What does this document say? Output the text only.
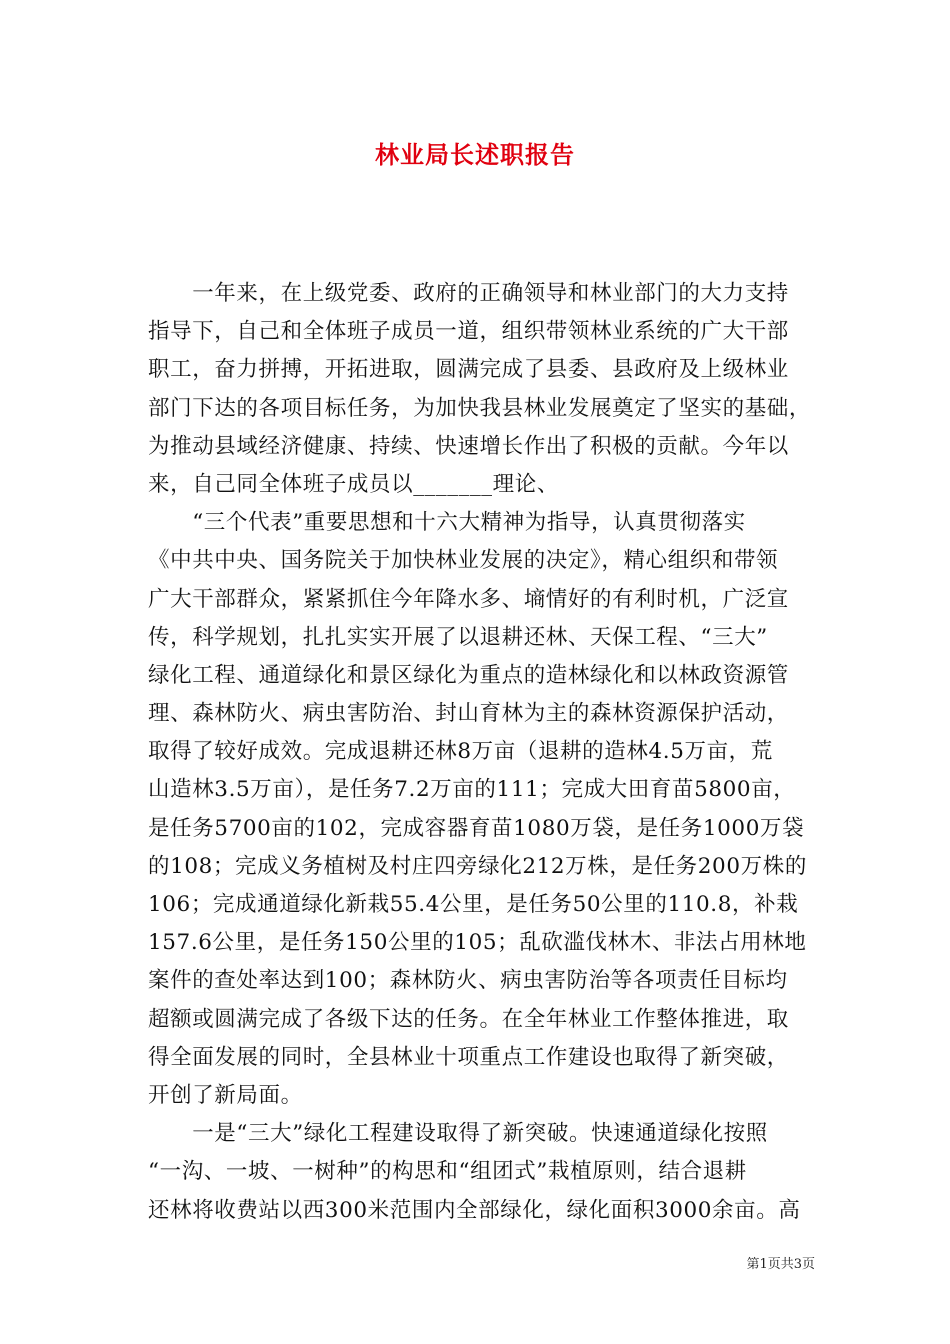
林业局长述职报告
　　一年来，在上级党委、政府的正确领导和林业部门的大力支持
指导下，自己和全体班子成员一道，组织带领林业系统的广大干部
职工，奋力拼搏，开拓进取，圆满完成了县委、县政府及上级林业
部门下达的各项目标任务，为加快我县林业发展奠定了坚实的基础，
为推动县域经济健康、持续、快速增长作出了积极的贡献。今年以
来，自己同全体班子成员以_______理论、
　　“三个代表”重要思想和十六大精神为指导，认真贯彻落实
《中共中央、国务院关于加快林业发展的决定》，精心组织和带领
广大干部群众，紧紧抓住今年降水多、墒情好的有利时机，广泛宣
传，科学规划，扎扎实实开展了以退耕还林、天保工程、“三大”
绿化工程、通道绿化和景区绿化为重点的造林绿化和以林政资源管
理、森林防火、病虫害防治、封山育林为主的森林资源保护活动，
取得了较好成效。完成退耕还林8万亩（退耕的造林4.5万亩，荒
山造林3.5万亩），是任务7.2万亩的111；完成大田育苗5800亩，
是任务5700亩的102，完成容器育苗1080万袋，是任务1000万袋
的108；完成义务植树及村庄四旁绿化212万株，是任务200万株的
106；完成通道绿化新栽55.4公里，是任务50公里的110.8，补栽
157.6公里，是任务150公里的105；乱砍滥伐林木、非法占用林地
案件的查处率达到100；森林防火、病虫害防治等各项责任目标均
超额或圆满完成了各级下达的任务。在全年林业工作整体推进，取
得全面发展的同时，全县林业十项重点工作建设也取得了新突破，
开创了新局面。
　　一是“三大”绿化工程建设取得了新突破。快速通道绿化按照
“一沟、一坡、一树种”的构思和“组团式”栽植原则，结合退耕
还林将收费站以西300米范围内全部绿化，绿化面积3000余亩。高
第1页共3页
